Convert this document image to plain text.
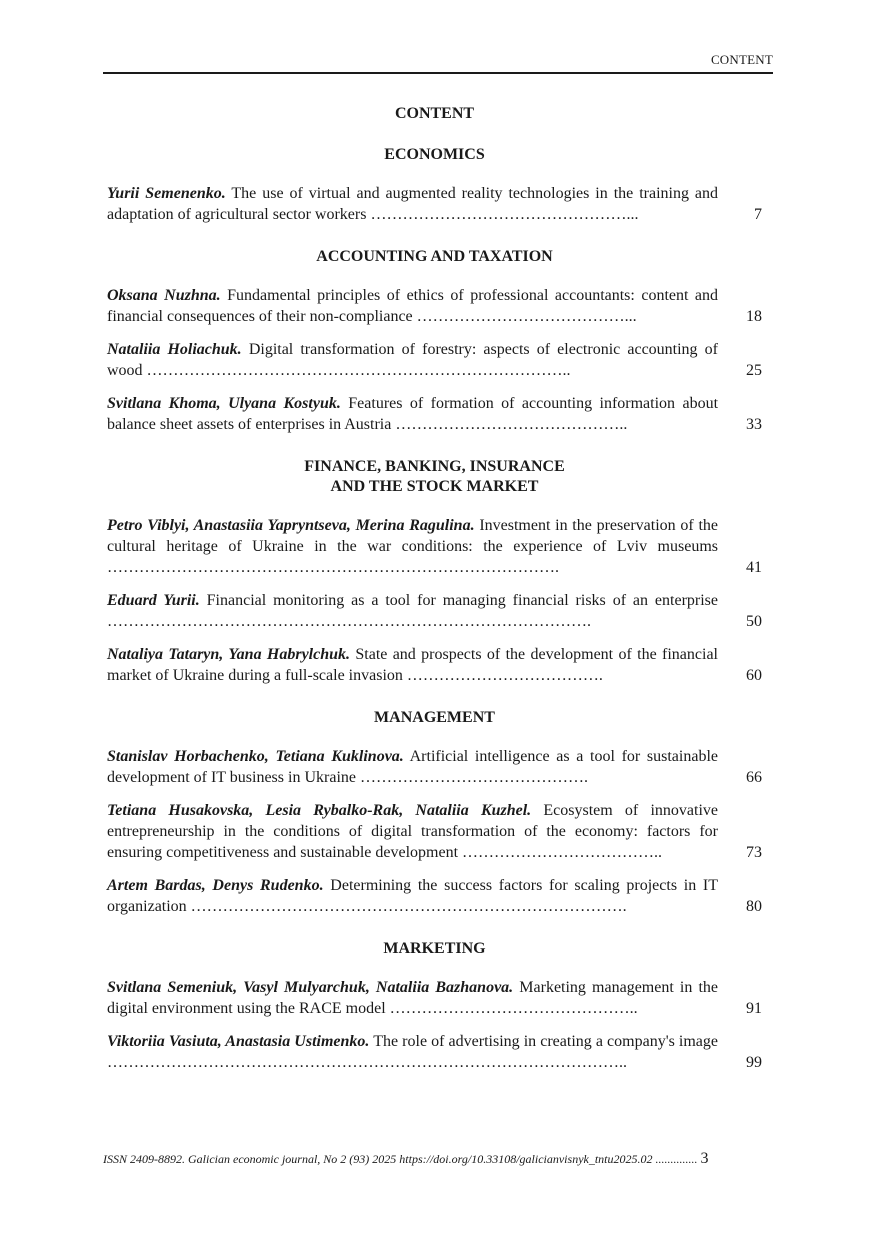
CONTENT
CONTENT
ECONOMICS
Yurii Semenenko. The use of virtual and augmented reality technologies in the training and adaptation of agricultural sector workers …………………………………………...	7
ACCOUNTING AND TAXATION
Oksana Nuzhna. Fundamental principles of ethics of professional accountants: content and financial consequences of their non-compliance …………………………………...	18
Nataliia Holiachuk. Digital transformation of forestry: aspects of electronic accounting of wood ……………………………………………………………………..	25
Svitlana Khoma, Ulyana Kostyuk. Features of formation of accounting information about balance sheet assets of enterprises in Austria ……………………………………..	33
FINANCE, BANKING, INSURANCE
AND THE STOCK MARKET
Petro Viblyi, Anastasiia Yapryntseva, Merina Ragulina. Investment in the preservation of the cultural heritage of Ukraine in the war conditions: the experience of Lviv museums ………………………………………………………………………….	41
Eduard Yurii. Financial monitoring as a tool for managing financial risks of an enterprise ……………………………………………………………………………….	50
Nataliya Tataryn, Yana Habrylchuk. State and prospects of the development of the financial market of Ukraine during a full-scale invasion ……………………………….	60
MANAGEMENT
Stanislav Horbachenko, Tetiana Kuklinova. Artificial intelligence as a tool for sustainable development of IT business in Ukraine …………………………………….	66
Tetiana Husakovska, Lesia Rybalko-Rak, Nataliia Kuzhel. Ecosystem of innovative entrepreneurship in the conditions of digital transformation of the economy: factors for ensuring competitiveness and sustainable development ………………………………..	73
Artem Bardas, Denys Rudenko. Determining the success factors for scaling projects in IT organization ……………………………………………………………………….	80
MARKETING
Svitlana Semeniuk, Vasyl Mulyarchuk, Nataliia Bazhanova. Marketing management in the digital environment using the RACE model ………………………………………..	91
Viktoriia Vasiuta, Anastasia Ustimenko. The role of advertising in creating a company's image ……………………………………………………………………………………..	99
ISSN 2409-8892. Galician economic journal, No 2 (93) 2025 https://doi.org/10.33108/galicianvisnyk_tntu2025.02 .............. 3
